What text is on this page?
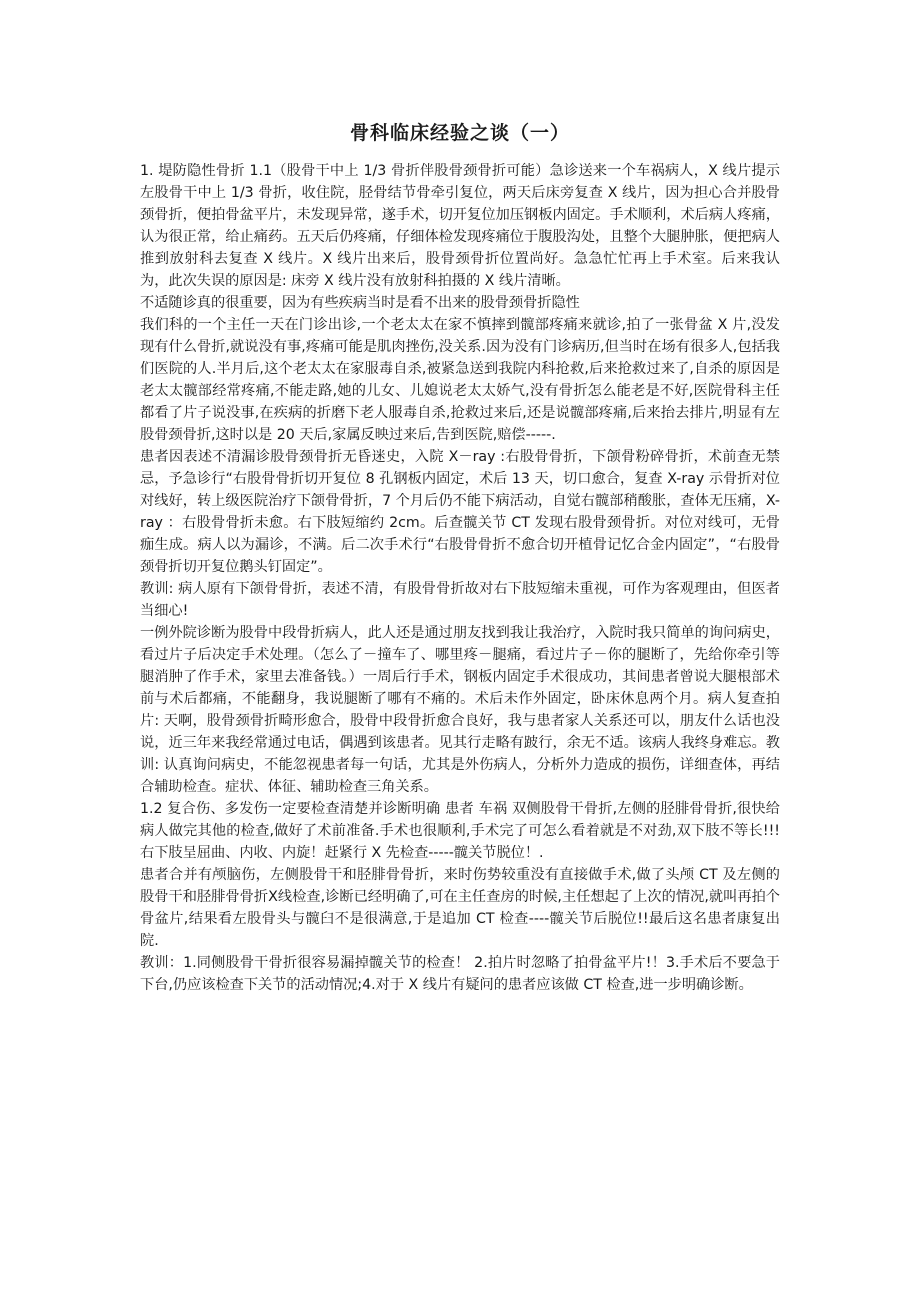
骨科临床经验之谈（一）

1. 堤防隐性骨折 1.1（股骨干中上 1/3 骨折伴股骨颈骨折可能）急诊送来一个车祸病人，X 线片提示左股骨干中上 1/3 骨折，收住院，胫骨结节骨牵引复位，两天后床旁复查 X 线片，因为担心合并股骨颈骨折，便拍骨盆平片，未发现异常，遂手术，切开复位加压钢板内固定。手术顺利，术后病人疼痛，认为很正常，给止痛药。五天后仍疼痛，仔细体检发现疼痛位于腹股沟处，且整个大腿肿胀，便把病人推到放射科去复查 X 线片。X 线片出来后，股骨颈骨折位置尚好。急急忙忙再上手术室。后来我认为，此次失误的原因是: 床旁 X 线片没有放射科拍摄的 X 线片清晰。

不适随诊真的很重要，因为有些疾病当时是看不出来的股骨颈骨折隐性

我们科的一个主任一天在门诊出诊,一个老太太在家不慎摔到髋部疼痛来就诊,拍了一张骨盆 X 片,没发现有什么骨折,就说没有事,疼痛可能是肌肉挫伤,没关系.因为没有门诊病历,但当时在场有很多人,包括我们医院的人.半月后,这个老太太在家服毒自杀,被紧急送到我院内科抢救,后来抢救过来了,自杀的原因是老太太髋部经常疼痛,不能走路,她的儿女、儿媳说老太太娇气,没有骨折怎么能老是不好,医院骨科主任都看了片子说没事,在疾病的折磨下老人服毒自杀,抢救过来后,还是说髋部疼痛,后来抬去排片,明显有左股骨颈骨折,这时以是 20 天后,家属反映过来后,告到医院,赔偿-----.

患者因表述不清漏诊股骨颈骨折无昏迷史，入院 X－ray :右股骨骨折，下颌骨粉碎骨折，术前查无禁忌，予急诊行“右股骨骨折切开复位 8 孔钢板内固定，术后 13 天，切口愈合，复查 X-ray 示骨折对位对线好，转上级医院治疗下颌骨骨折，7 个月后仍不能下病活动，自觉右髋部稍酸胀，查体无压痛，X-ray ：右股骨骨折未愈。右下肢短缩约 2cm。后查髋关节 CT 发现右股骨颈骨折。对位对线可，无骨痂生成。病人以为漏诊，不满。后二次手术行“右股骨骨折不愈合切开植骨记忆合金内固定”，“右股骨颈骨折切开复位鹅头钉固定”。

教训: 病人原有下颌骨骨折，表述不清，有股骨骨折故对右下肢短缩未重视，可作为客观理由，但医者当细心!

一例外院诊断为股骨中段骨折病人，此人还是通过朋友找到我让我治疗，入院时我只简单的询问病史，看过片子后决定手术处理。（怎么了－撞车了、哪里疼－腿痛，看过片子－你的腿断了，先给你牵引等腿消肿了作手术，家里去准备钱。）一周后行手术，钢板内固定手术很成功，其间患者曾说大腿根部术前与术后都痛，不能翻身，我说腿断了哪有不痛的。术后未作外固定，卧床休息两个月。病人复查拍片: 天啊，股骨颈骨折畸形愈合，股骨中段骨折愈合良好，我与患者家人关系还可以，朋友什么话也没说，近三年来我经常通过电话，偶遇到该患者。见其行走略有跛行，余无不适。该病人我终身难忘。教训: 认真询问病史，不能忽视患者每一句话，尤其是外伤病人，分析外力造成的损伤，详细查体，再结合辅助检查。症状、体征、辅助检查三角关系。

1.2 复合伤、多发伤一定要检查清楚并诊断明确 患者 车祸 双侧股骨干骨折,左侧的胫腓骨骨折,很快给病人做完其他的检查,做好了术前准备.手术也很顺利,手术完了可怎么看着就是不对劲,双下肢不等长!!!右下肢呈屈曲、内收、内旋！赶紧行 X 先检查-----髋关节脱位！.

患者合并有颅脑伤，左侧股骨干和胫腓骨骨折，来时伤势较重没有直接做手术,做了头颅 CT 及左侧的股骨干和胫腓骨骨折X线检查,诊断已经明确了,可在主任查房的时候,主任想起了上次的情况,就叫再拍个骨盆片,结果看左股骨头与髋臼不是很满意,于是追加 CT 检查----髋关节后脱位!!最后这名患者康复出院.

教训：1.同侧股骨干骨折很容易漏掉髋关节的检查！ 2.拍片时忽略了拍骨盆平片!！3.手术后不要急于下台,仍应该检查下关节的活动情况;4.对于 X 线片有疑问的患者应该做 CT 检查,进一步明确诊断。
